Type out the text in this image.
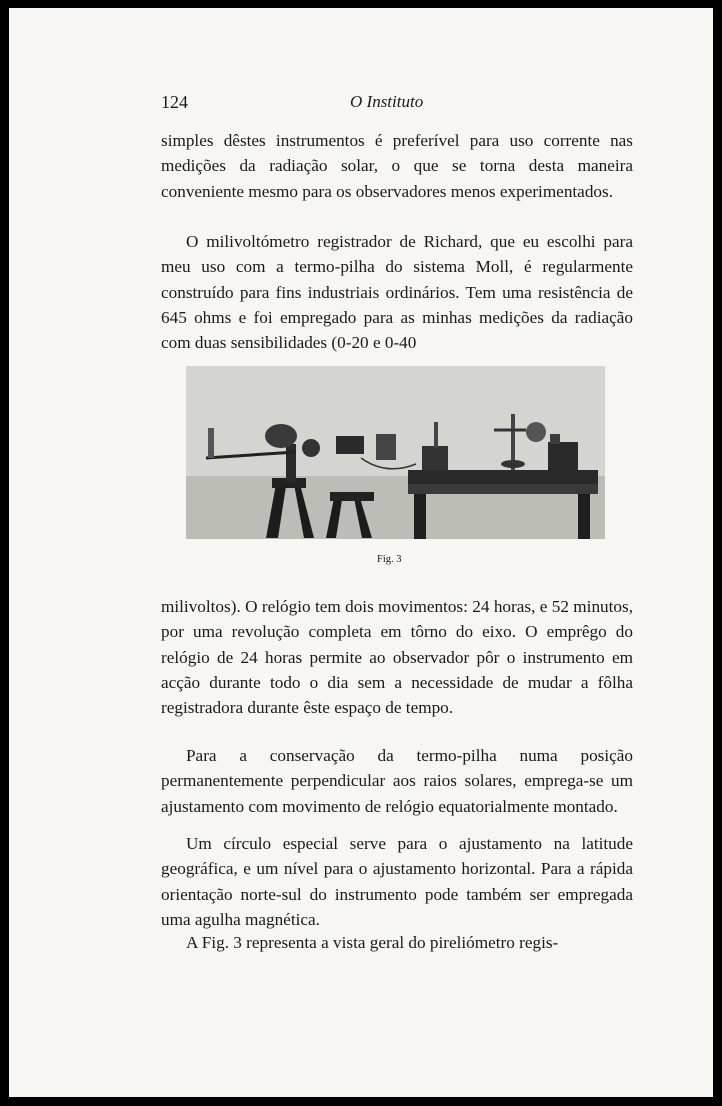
124	O Instituto

simples dêstes instrumentos é preferível para uso corrente nas medições da radiação solar, o que se torna desta maneira conveniente mesmo para os observadores menos experimentados.

O milivoltómetro registrador de Richard, que eu escolhi para meu uso com a termo-pilha do sistema Moll, é regularmente construído para fins industriais ordinários. Tem uma resistência de 645 ohms e foi empregado para as minhas medições da radiação com duas sensibilidades (0-20 e 0-40

Fig. 3

milivoltos). O relógio tem dois movimentos: 24 horas, e 52 minutos, por uma revolução completa em tôrno do eixo. O emprêgo do relógio de 24 horas permite ao observador pôr o instrumento em acção durante todo o dia sem a necessidade de mudar a fôlha registradora durante êste espaço de tempo.

Para a conservação da termo-pilha numa posição permanentemente perpendicular aos raios solares, emprega-se um ajustamento com movimento de relógio equatorialmente montado.

Um círculo especial serve para o ajustamento na latitude geográfica, e um nível para o ajustamento horizontal. Para a rápida orientação norte-sul do instrumento pode também ser empregada uma agulha magnética.

A Fig. 3 representa a vista geral do pireliómetro regis-
